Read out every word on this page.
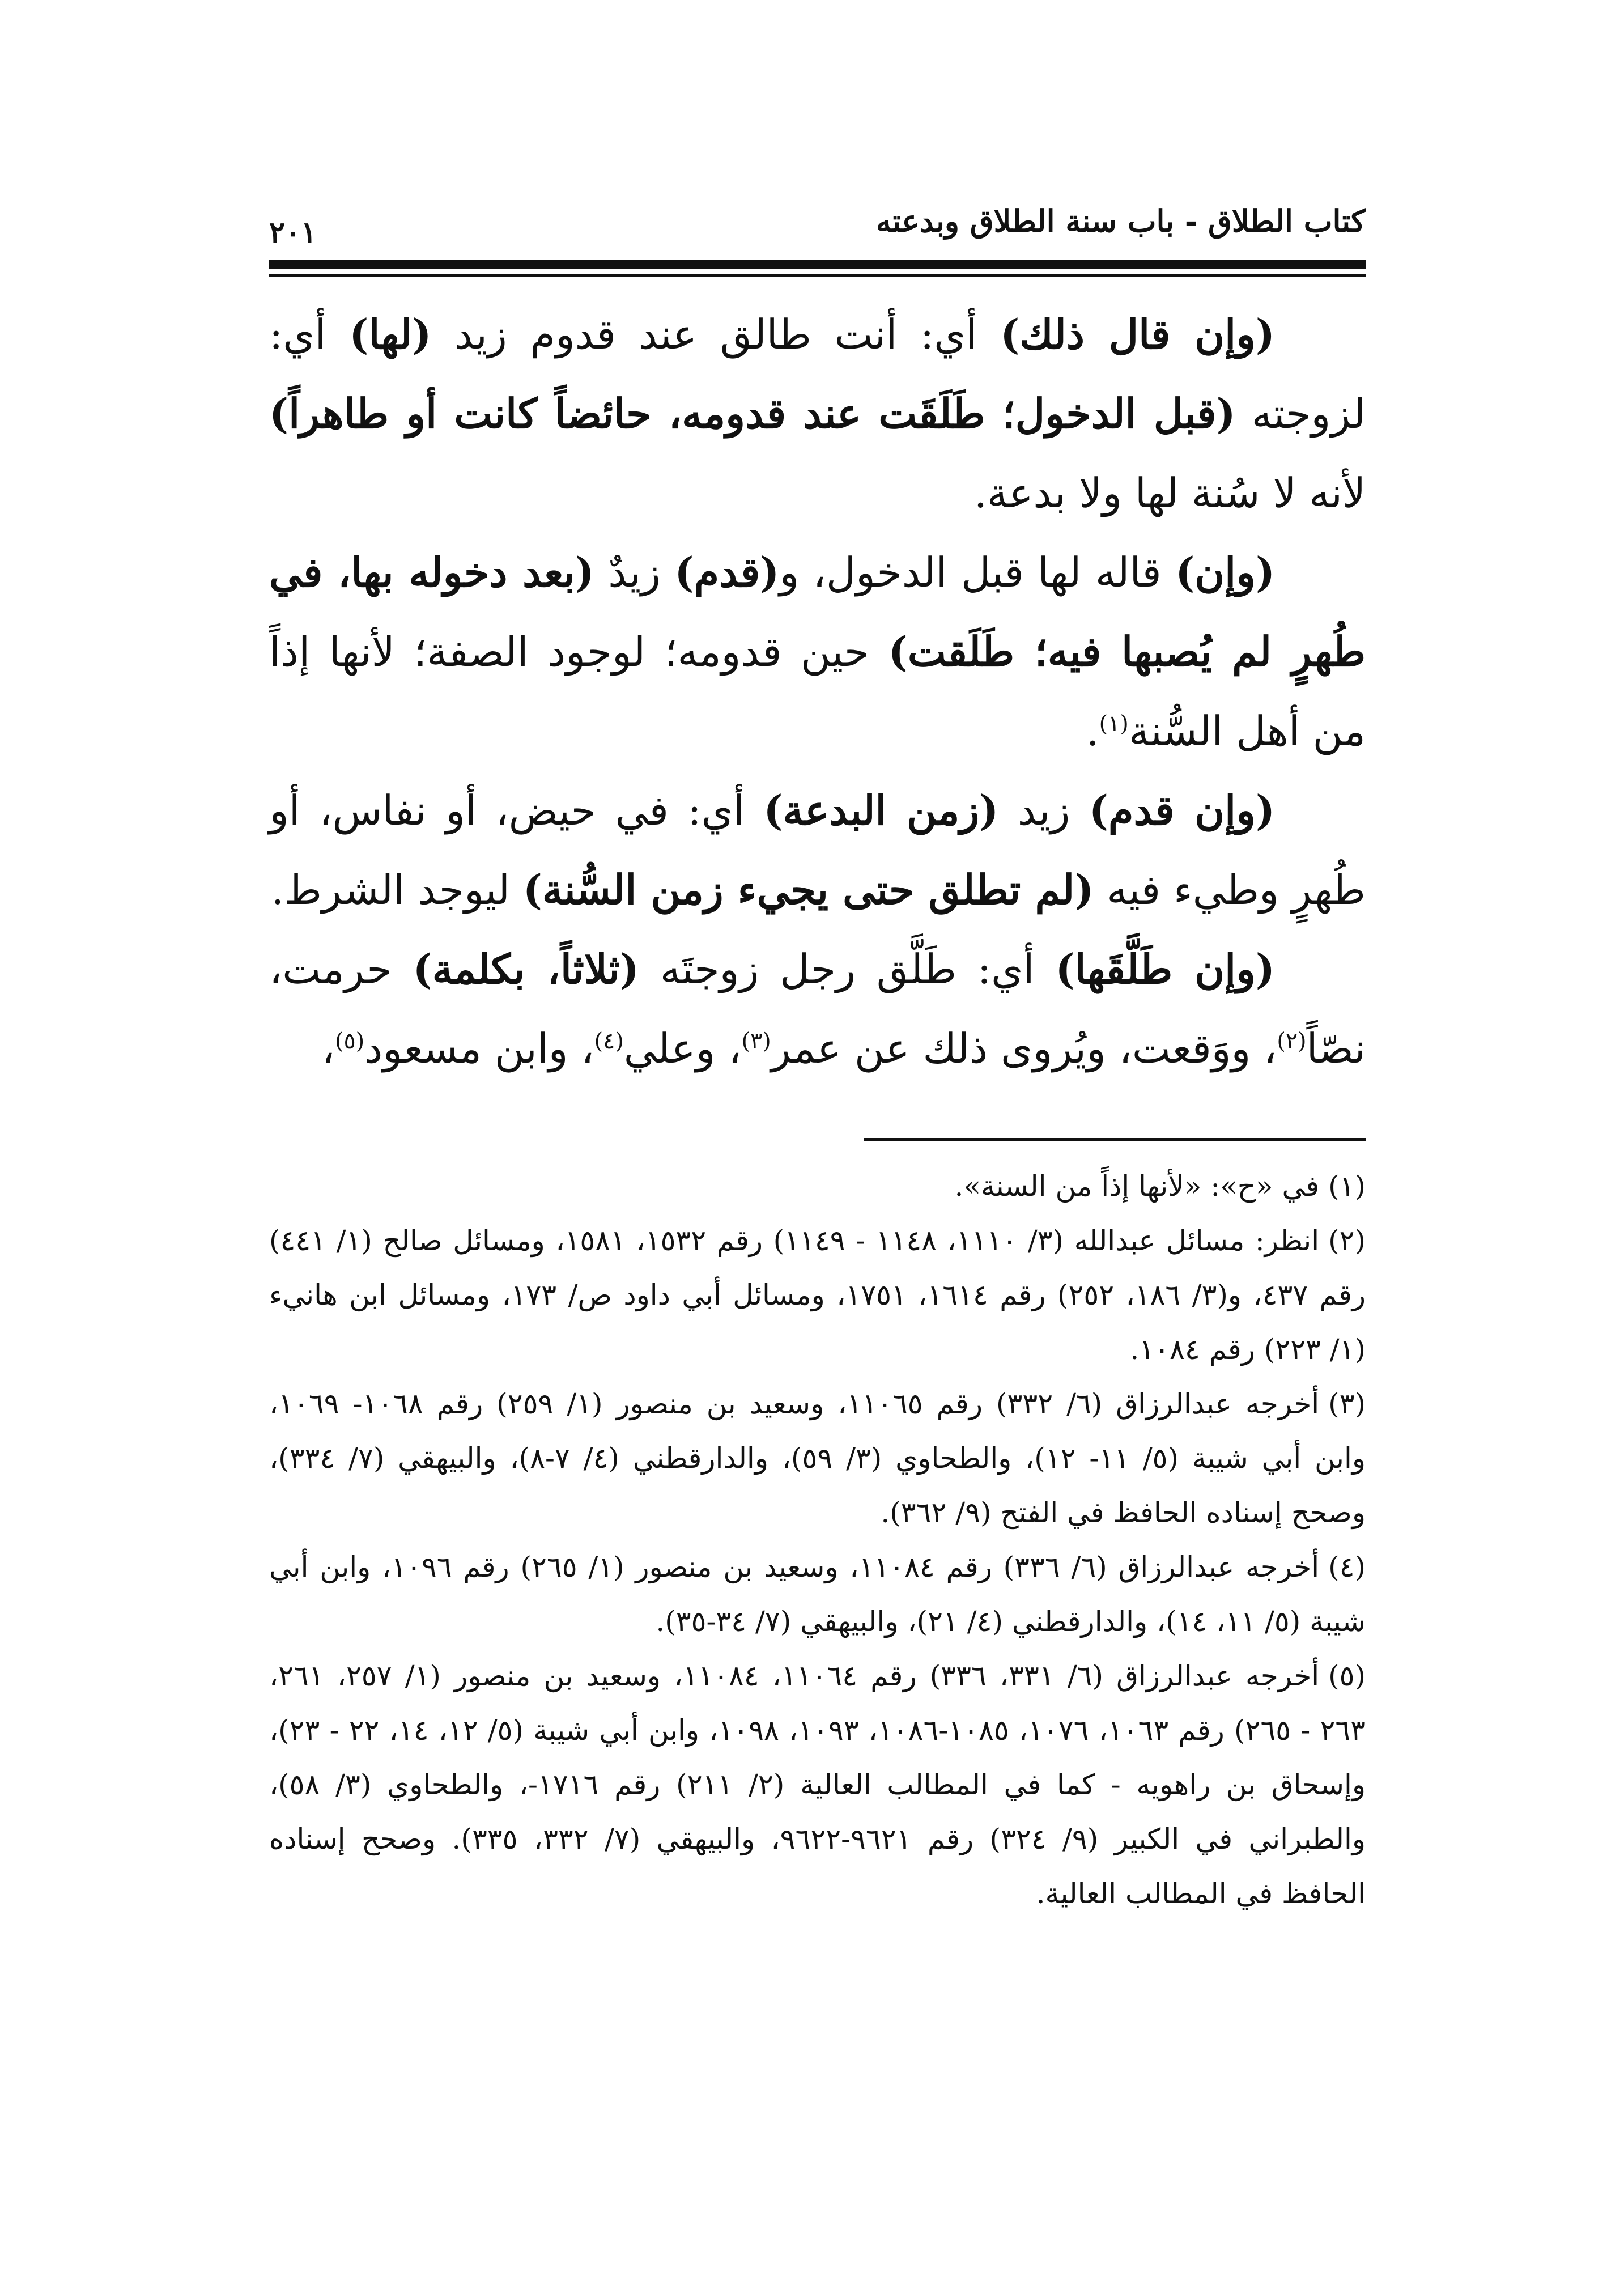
كتاب الطلاق - باب سنة الطلاق وبدعته
٢٠١

(وإن قال ذلك) أي: أنت طالق عند قدوم زيد (لها) أي: لزوجته (قبل الدخول؛ طَلَقَت عند قدومه، حائضاً كانت أو طاهراً) لأنه لا سُنة لها ولا بدعة.

(وإن) قاله لها قبل الدخول، و(قدم) زيدٌ (بعد دخوله بها، في طُهرٍ لم يُصبها فيه؛ طَلَقت) حين قدومه؛ لوجود الصفة؛ لأنها إذاً من أهل السُّنة$^{(١)}$.

(وإن قدم) زيد (زمن البدعة) أي: في حيض، أو نفاس، أو طُهرٍ وطيء فيه (لم تطلق حتى يجيء زمن السُّنة) ليوجد الشرط.

(وإن طَلَّقَها) أي: طَلَّق رجل زوجتَه (ثلاثاً، بكلمة) حرمت، نصّاً$^{(٢)}$، ووَقعت، ويُروى ذلك عن عمر$^{(٣)}$، وعلي$^{(٤)}$، وابن مسعود$^{(٥)}$،

(١)في «ح»: «لأنها إذاً من السنة».

(٢)انظر: مسائل عبدالله (٣/ ١١١٠، ١١٤٨ - ١١٤٩) رقم ١٥٣٢، ١٥٨١، ومسائل صالح (١/ ٤٤١) رقم ٤٣٧، و(٣/ ١٨٦، ٢٥٢) رقم ١٦١٤، ١٧٥١، ومسائل أبي داود ص/ ١٧٣، ومسائل ابن هانيء (١/ ٢٢٣) رقم ١٠٨٤.

(٣)أخرجه عبدالرزاق (٦/ ٣٣٢) رقم ١١٠٦٥، وسعيد بن منصور (١/ ٢٥٩) رقم ١٠٦٨- ١٠٦٩، وابن أبي شيبة (٥/ ١١- ١٢)، والطحاوي (٣/ ٥٩)، والدارقطني (٤/ ٧-٨)، والبيهقي (٧/ ٣٣٤)، وصحح إسناده الحافظ في الفتح (٩/ ٣٦٢).

(٤)أخرجه عبدالرزاق (٦/ ٣٣٦) رقم ١١٠٨٤، وسعيد بن منصور (١/ ٢٦٥) رقم ١٠٩٦، وابن أبي شيبة (٥/ ١١، ١٤)، والدارقطني (٤/ ٢١)، والبيهقي (٧/ ٣٤-٣٥).

(٥)أخرجه عبدالرزاق (٦/ ٣٣١، ٣٣٦) رقم ١١٠٦٤، ١١٠٨٤، وسعيد بن منصور (١/ ٢٥٧، ٢٦١، ٢٦٣ - ٢٦٥) رقم ١٠٦٣، ١٠٧٦، ١٠٨٥-١٠٨٦، ١٠٩٣، ١٠٩٨، وابن أبي شيبة (٥/ ١٢، ١٤، ٢٢ - ٢٣)، وإسحاق بن راهويه - كما في المطالب العالية (٢/ ٢١١) رقم ١٧١٦-، والطحاوي (٣/ ٥٨)، والطبراني في الكبير (٩/ ٣٢٤) رقم ٩٦٢١-٩٦٢٢، والبيهقي (٧/ ٣٣٢، ٣٣٥). وصحح إسناده الحافظ في المطالب العالية.
